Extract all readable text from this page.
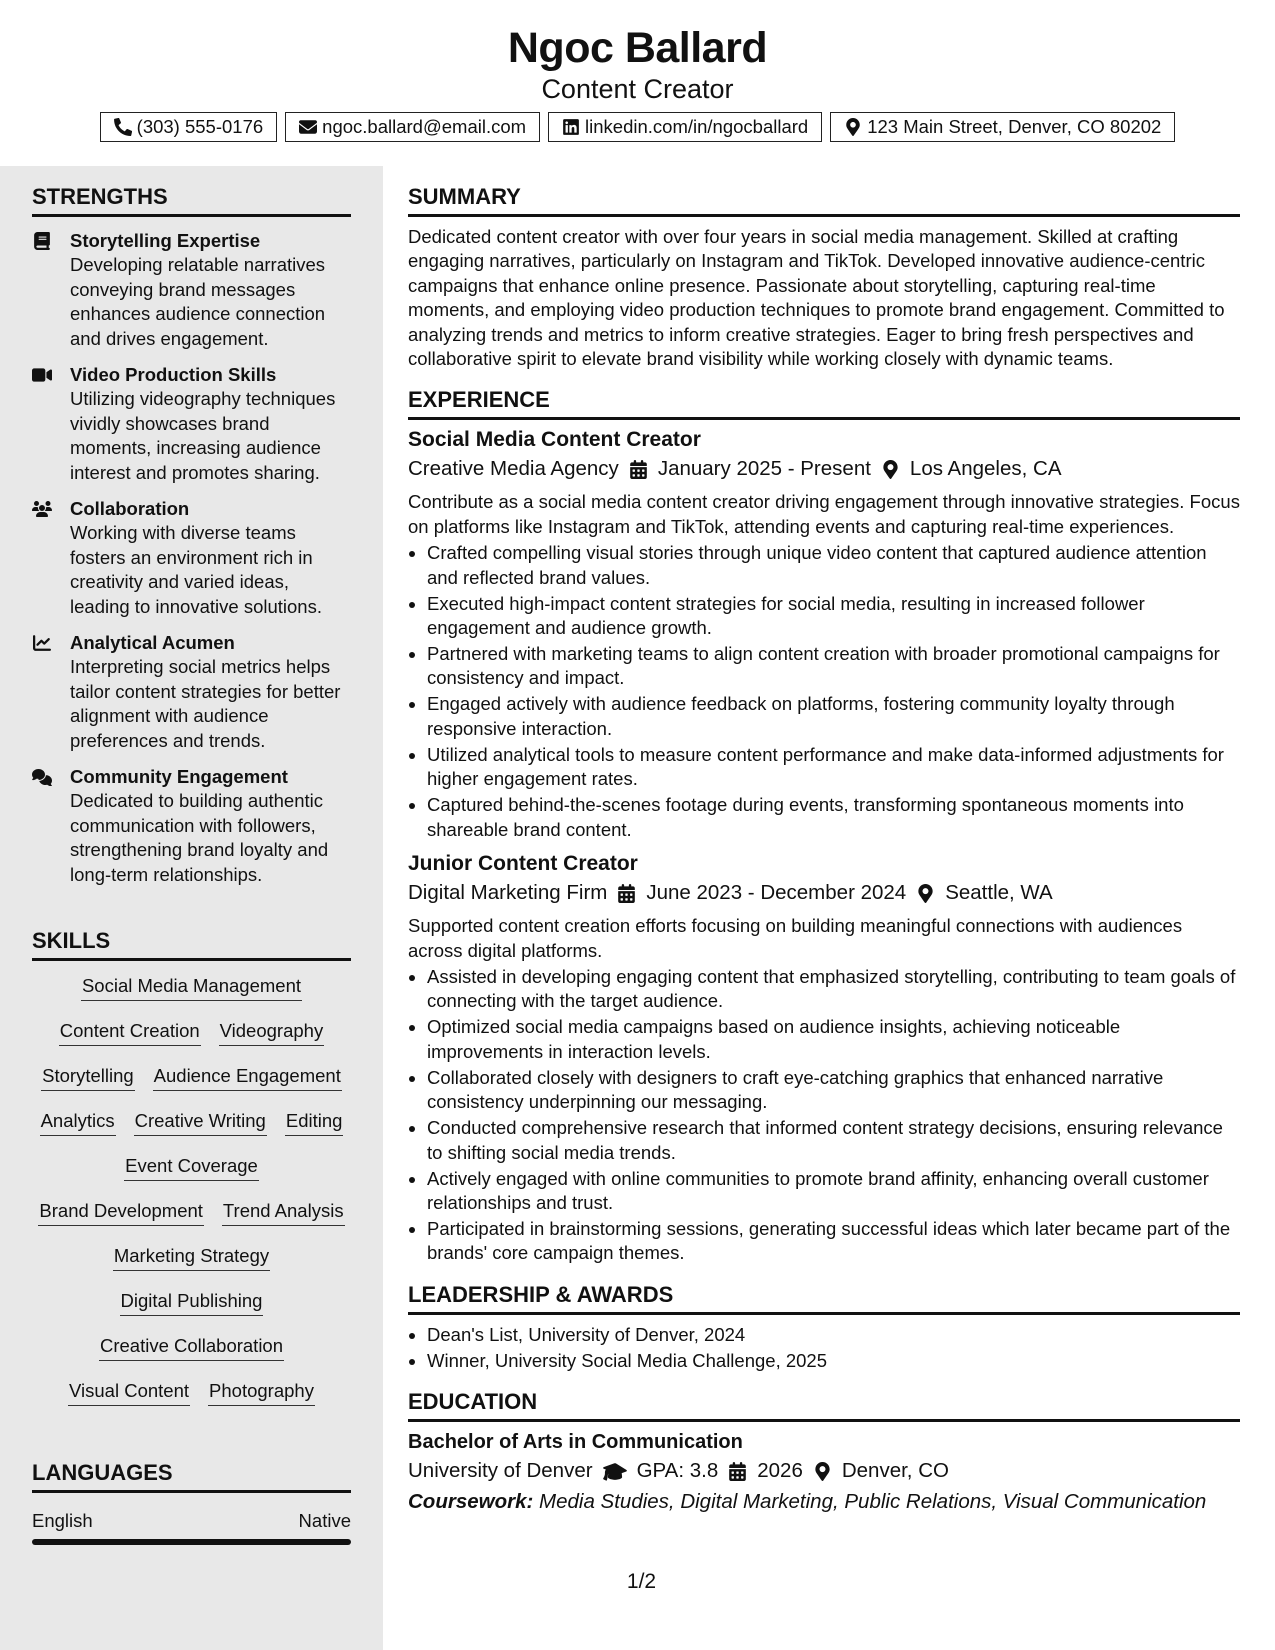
Ngoc Ballard
Content Creator
(303) 555-0176	ngoc.ballard@email.com	linkedin.com/in/ngocballard	123 Main Street, Denver, CO 80202
STRENGTHS
Storytelling Expertise
Developing relatable narratives conveying brand messages enhances audience connection and drives engagement.
Video Production Skills
Utilizing videography techniques vividly showcases brand moments, increasing audience interest and promotes sharing.
Collaboration
Working with diverse teams fosters an environment rich in creativity and varied ideas, leading to innovative solutions.
Analytical Acumen
Interpreting social metrics helps tailor content strategies for better alignment with audience preferences and trends.
Community Engagement
Dedicated to building authentic communication with followers, strengthening brand loyalty and long-term relationships.
SKILLS
Social Media Management
Content Creation Videography
Storytelling Audience Engagement
Analytics Creative Writing Editing
Event Coverage
Brand Development Trend Analysis
Marketing Strategy
Digital Publishing
Creative Collaboration
Visual Content Photography
LANGUAGES
English	Native
SUMMARY
Dedicated content creator with over four years in social media management. Skilled at crafting engaging narratives, particularly on Instagram and TikTok. Developed innovative audience-centric campaigns that enhance online presence. Passionate about storytelling, capturing real-time moments, and employing video production techniques to promote brand engagement. Committed to analyzing trends and metrics to inform creative strategies. Eager to bring fresh perspectives and collaborative spirit to elevate brand visibility while working closely with dynamic teams.
EXPERIENCE
Social Media Content Creator
Creative Media Agency January 2025 - Present Los Angeles, CA
Contribute as a social media content creator driving engagement through innovative strategies. Focus on platforms like Instagram and TikTok, attending events and capturing real-time experiences.
• Crafted compelling visual stories through unique video content that captured audience attention and reflected brand values.
• Executed high-impact content strategies for social media, resulting in increased follower engagement and audience growth.
• Partnered with marketing teams to align content creation with broader promotional campaigns for consistency and impact.
• Engaged actively with audience feedback on platforms, fostering community loyalty through responsive interaction.
• Utilized analytical tools to measure content performance and make data-informed adjustments for higher engagement rates.
• Captured behind-the-scenes footage during events, transforming spontaneous moments into shareable brand content.
Junior Content Creator
Digital Marketing Firm June 2023 - December 2024 Seattle, WA
Supported content creation efforts focusing on building meaningful connections with audiences across digital platforms.
• Assisted in developing engaging content that emphasized storytelling, contributing to team goals of connecting with the target audience.
• Optimized social media campaigns based on audience insights, achieving noticeable improvements in interaction levels.
• Collaborated closely with designers to craft eye-catching graphics that enhanced narrative consistency underpinning our messaging.
• Conducted comprehensive research that informed content strategy decisions, ensuring relevance to shifting social media trends.
• Actively engaged with online communities to promote brand affinity, enhancing overall customer relationships and trust.
• Participated in brainstorming sessions, generating successful ideas which later became part of the brands' core campaign themes.
LEADERSHIP & AWARDS
• Dean's List, University of Denver, 2024
• Winner, University Social Media Challenge, 2025
EDUCATION
Bachelor of Arts in Communication
University of Denver GPA: 3.8 2026 Denver, CO
Coursework: Media Studies, Digital Marketing, Public Relations, Visual Communication
1/2
